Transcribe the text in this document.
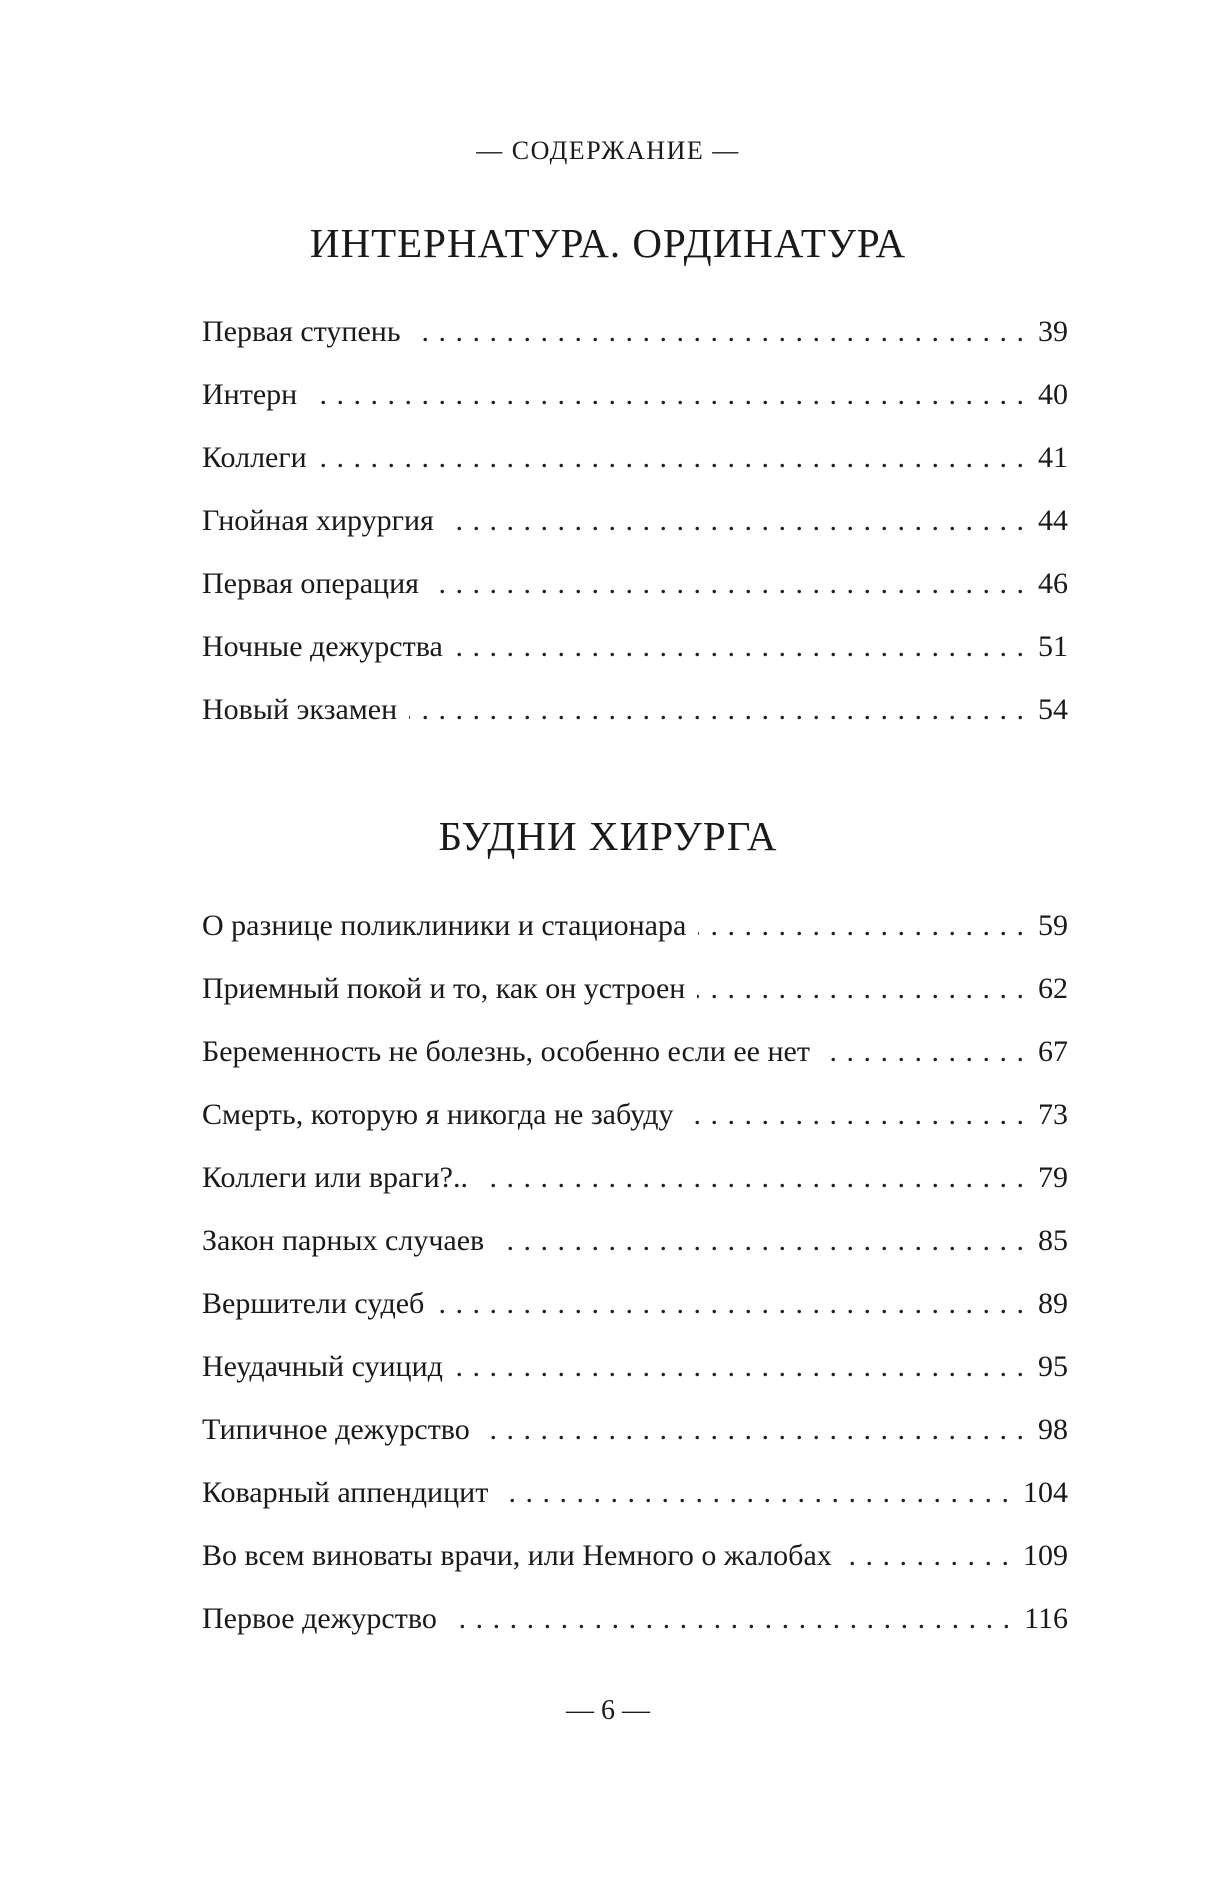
— СОДЕРЖАНИЕ —
ИНТЕРНАТУРА. ОРДИНАТУРА
Первая ступень . . .	39
Интерн . . .	40
Коллеги . . .	41
Гнойная хирургия . . .	44
Первая операция . . .	46
Ночные дежурства . . .	51
Новый экзамен . . .	54
БУДНИ ХИРУРГА
О разнице поликлиники и стационара . . .	59
Приемный покой и то, как он устроен . . .	62
Беременность не болезнь, особенно если ее нет . . .	67
Смерть, которую я никогда не забуду . . .	73
Коллеги или враги?.. . . .	79
Закон парных случаев . . .	85
Вершители судеб . . .	89
Неудачный суицид . . .	95
Типичное дежурство . . .	98
Коварный аппендицит . . .	104
Во всем виноваты врачи, или Немного о жалобах . . .	109
Первое дежурство . . .	116
— 6 —
